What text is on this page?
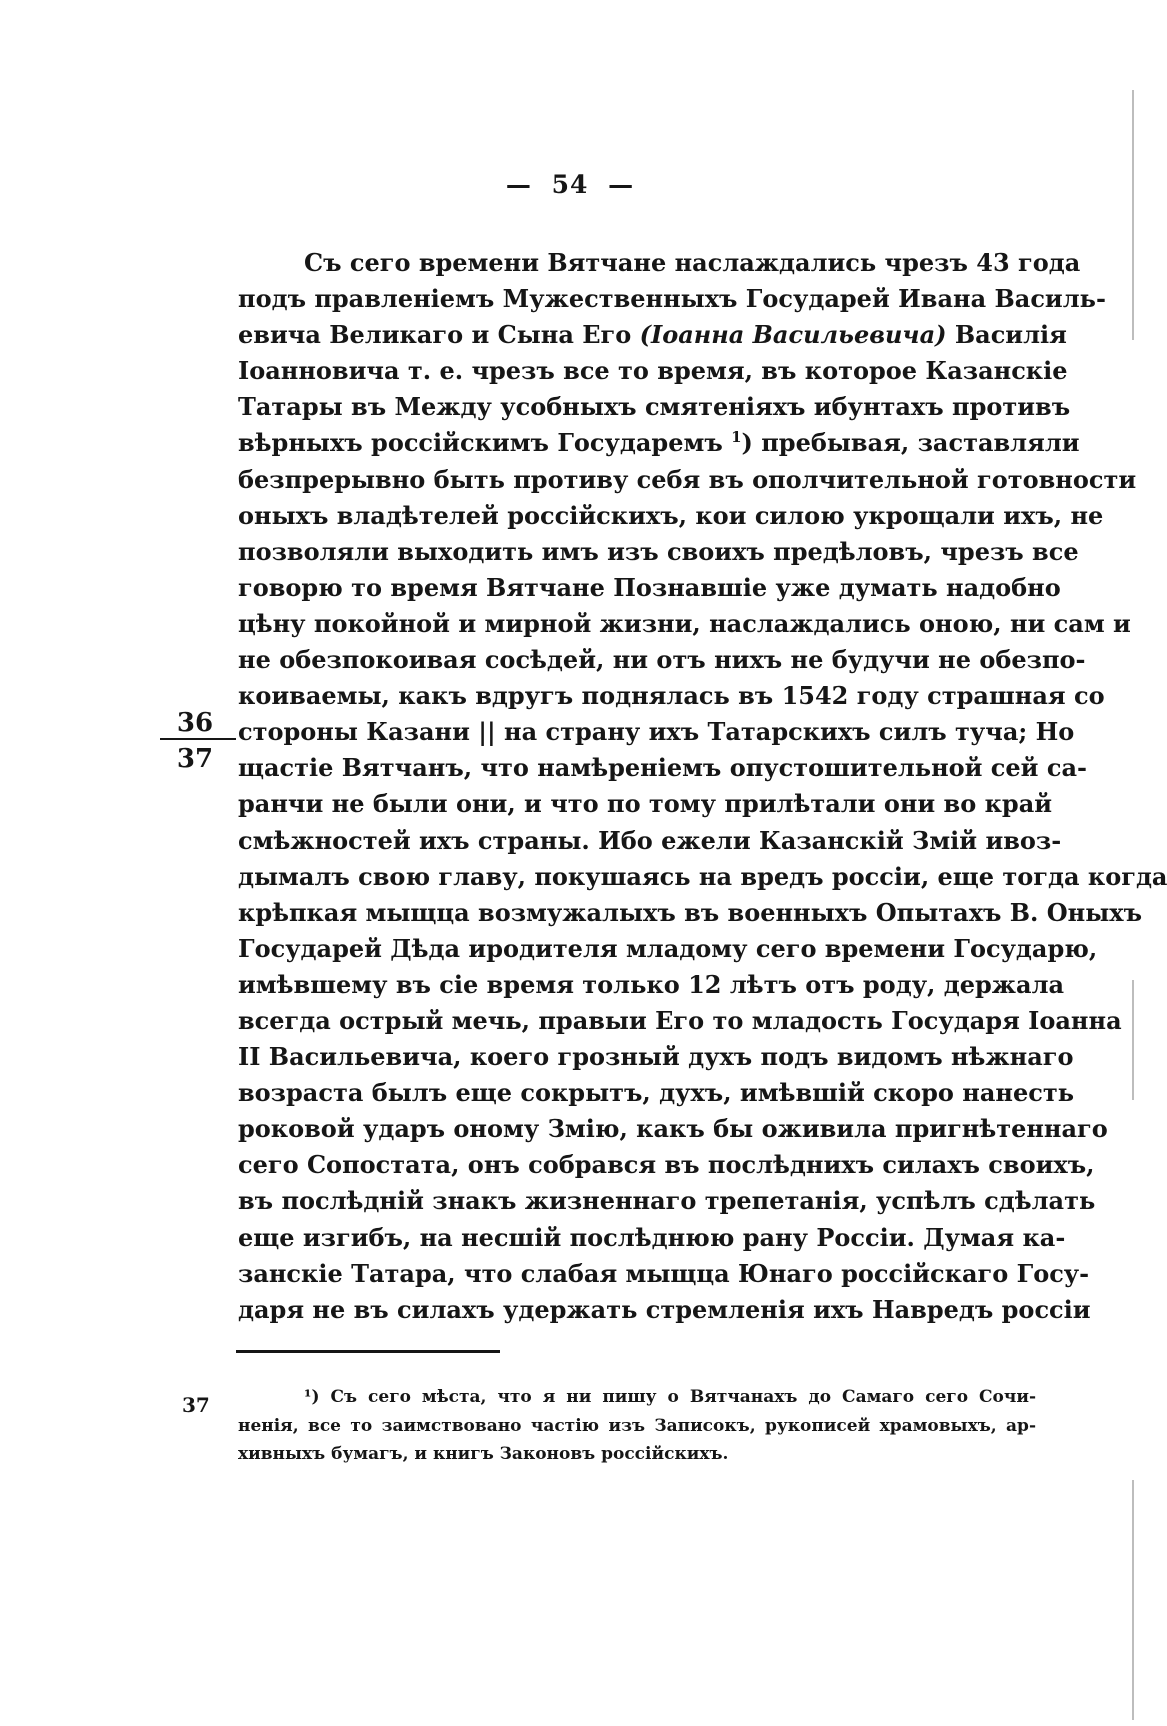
— 54 —
36
37
Съ сего времени Вятчане наслаждались чрезъ 43 года
подъ правленіемъ Мужественныхъ Государей Ивана Василь-
евича Великаго и Сына Его (Іоанна Васильевича) Василія
Іоанновича т. е. чрезъ все то время, въ которое Казанскіе
Татары въ Между усобныхъ смятеніяхъ ибунтахъ противъ
вѣрныхъ россійскимъ Государемъ $^1$) пребывая, заставляли
безпрерывно быть противу себя въ ополчительной готовности
оныхъ владѣтелей россійскихъ, кои силою укрощали ихъ, не
позволяли выходить имъ изъ своихъ предѣловъ, чрезъ все
говорю то время Вятчане Познавшіе уже думать надобно
цѣну покойной и мирной жизни, наслаждались оною, ни сам и
не обезпокоивая сосѣдей, ни отъ нихъ не будучи не обезпо-
коиваемы, какъ вдругъ поднялась въ 1542 году страшная со
стороны Казани || на страну ихъ Татарскихъ силъ туча; Но
щастіе Вятчанъ, что намѣреніемъ опустошительной сей са-
ранчи не были они, и что по тому прилѣтали они во край
смѣжностей ихъ страны. Ибо ежели Казанскій Змій ивоз-
дымалъ свою главу, покушаясь на вредъ россіи, еще тогда когда
крѣпкая мыщца возмужалыхъ въ военныхъ Опытахъ В. Оныхъ
Государей Дѣда иродителя младому сего времени Государю,
имѣвшему въ сіе время только 12 лѣтъ отъ роду, держала
всегда острый мечь, правыи Его то младость Государя Іоанна
II Васильевича, коего грозный духъ подъ видомъ нѣжнаго
возраста былъ еще сокрытъ, духъ, имѣвшій скоро нанесть
роковой ударъ оному Змію, какъ бы оживила пригнѣтеннаго
сего Сопостата, онъ собрався въ послѣднихъ силахъ своихъ,
въ послѣдній знакъ жизненнаго трепетанія, успѣлъ сдѣлать
еще изгибъ, на несшій послѣднюю рану Россіи. Думая ка-
занскіе Татара, что слабая мыщца Юнаго россійскаго Госу-
даря не въ силахъ удержать стремленія ихъ Навредъ россіи
37	¹) Съ сего мѣста, что я ни пишу о Вятчанахъ до Самаго сего Сочи-
ненія, все то заимствовано частію изъ Записокъ, рукописей храмовыхъ, ар-
хивныхъ бумагъ, и книгъ Законовъ россійскихъ.
